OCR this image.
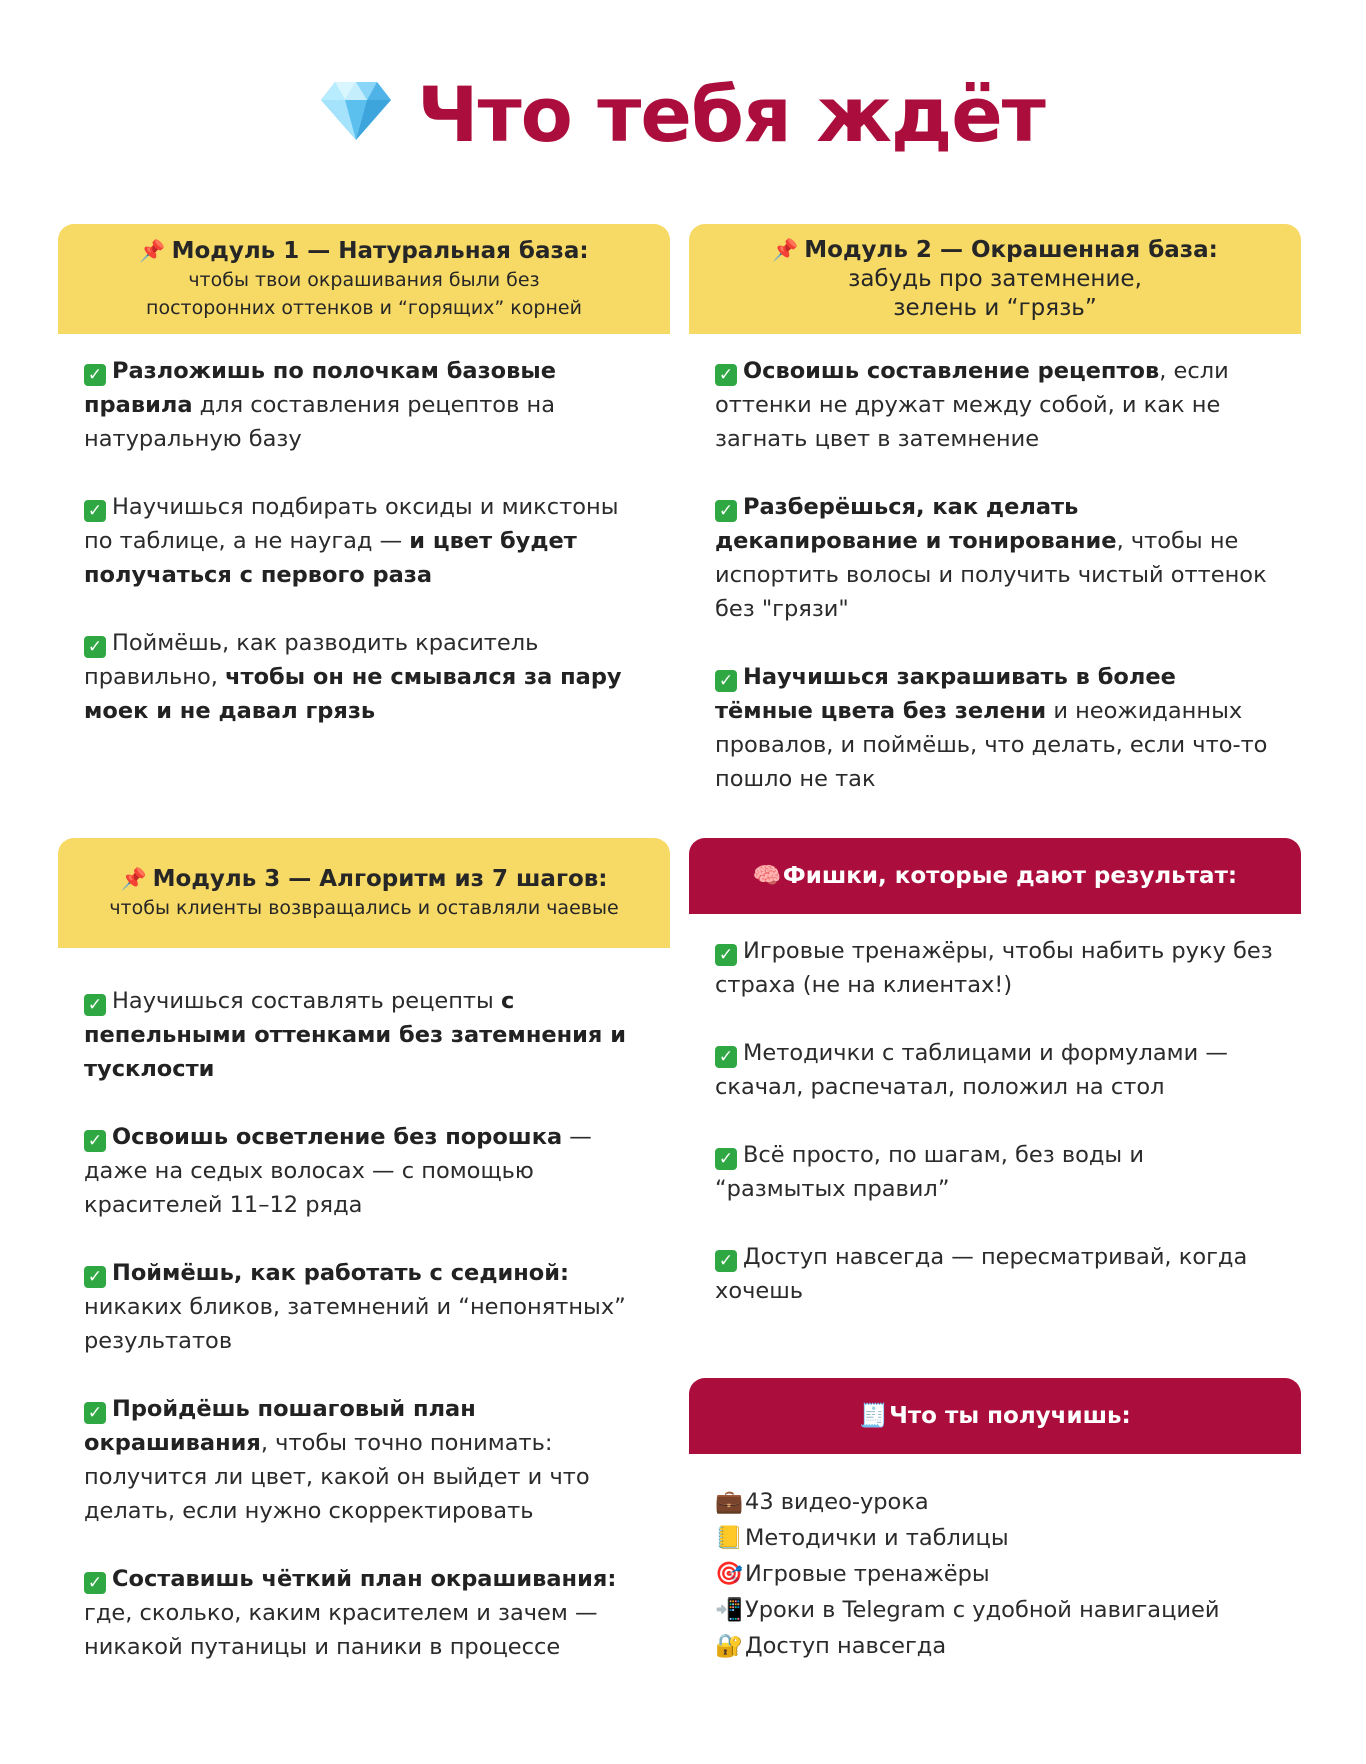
Что тебя ждёт
📌 Модуль 1 — Натуральная база:
чтобы твои окрашивания были без
посторонних оттенков и “горящих” корней
✓ Разложишь по полочкам базовые правила для составления рецептов на натуральную базу
✓ Научишься подбирать оксиды и микстоны по таблице, а не наугад — и цвет будет получаться с первого раза
✓ Поймёшь, как разводить краситель правильно, чтобы он не смывался за пару моек и не давал грязь
📌 Модуль 2 — Окрашенная база:
забудь про затемнение,
зелень и “грязь”
✓ Освоишь составление рецептов, если оттенки не дружат между собой, и как не загнать цвет в затемнение
✓ Разберёшься, как делать декапирование и тонирование, чтобы не испортить волосы и получить чистый оттенок без "грязи"
✓ Научишься закрашивать в более тёмные цвета без зелени и неожиданных провалов, и поймёшь, что делать, если что-то пошло не так
📌 Модуль 3 — Алгоритм из 7 шагов:
чтобы клиенты возвращались и оставляли чаевые
✓ Научишься составлять рецепты с пепельными оттенками без затемнения и тусклости
✓ Освоишь осветление без порошка — даже на седых волосах — с помощью красителей 11–12 ряда
✓ Поймёшь, как работать с сединой: никаких бликов, затемнений и “непонятных” результатов
✓ Пройдёшь пошаговый план окрашивания, чтобы точно понимать: получится ли цвет, какой он выйдет и что делать, если нужно скорректировать
✓ Составишь чёткий план окрашивания: где, сколько, каким красителем и зачем — никакой путаницы и паники в процессе
🧠Фишки, которые дают результат:
✓ Игровые тренажёры, чтобы набить руку без страха (не на клиентах!)
✓ Методички с таблицами и формулами — скачал, распечатал, положил на стол
✓ Всё просто, по шагам, без воды и “размытых правил”
✓ Доступ навсегда — пересматривай, когда хочешь
🧾Что ты получишь:
💼43 видео-урока
📒Методички и таблицы
🎯Игровые тренажёры
📲Уроки в Telegram с удобной навигацией
🔐Доступ навсегда
